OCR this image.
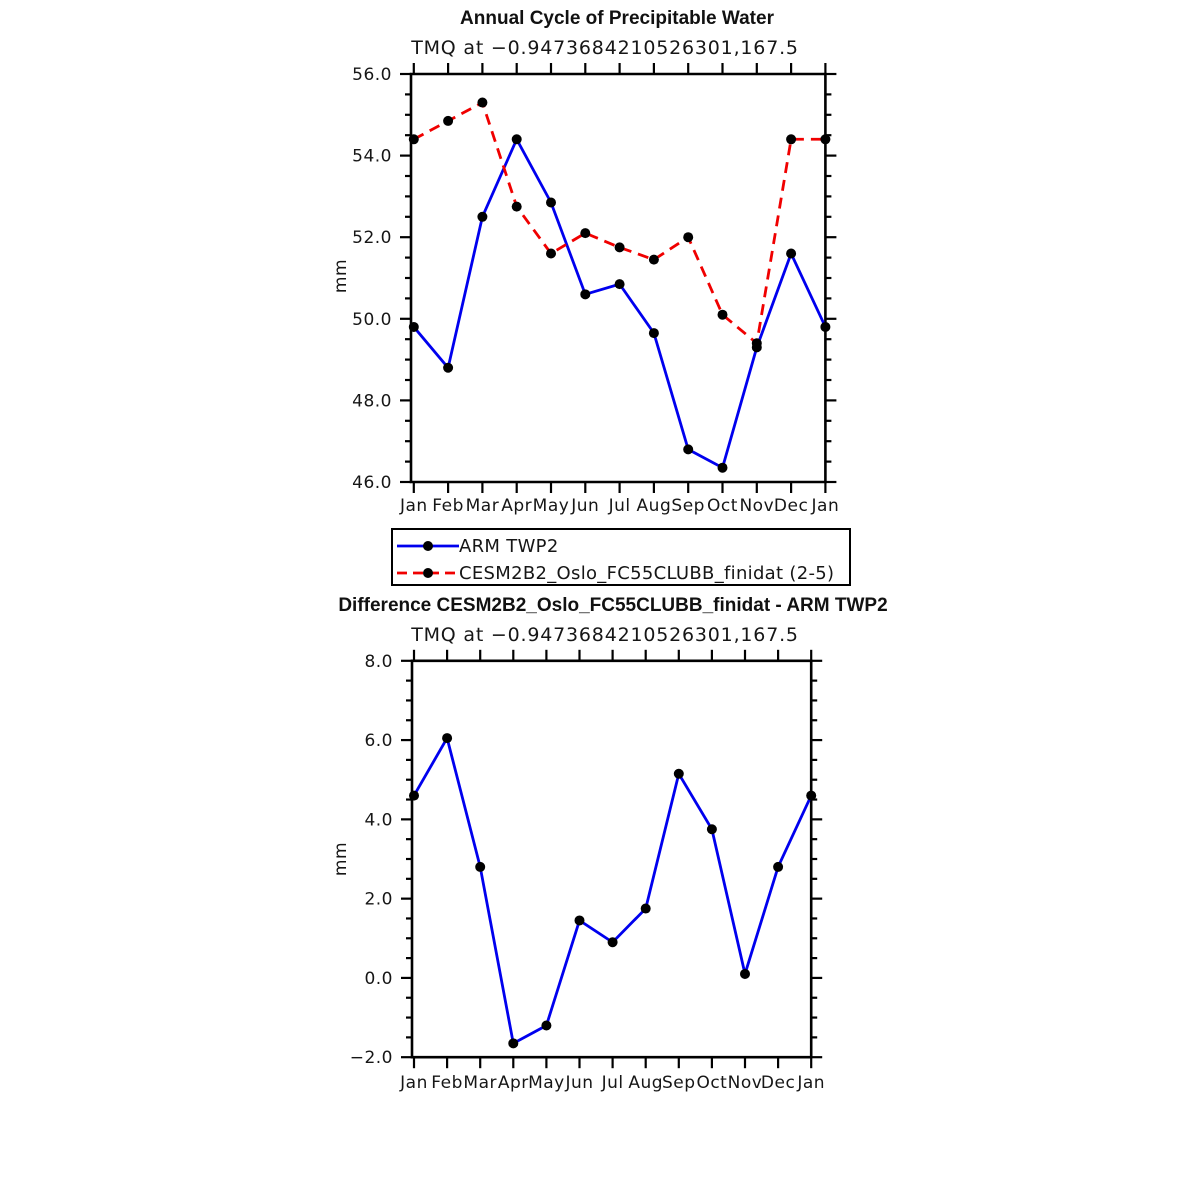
Annual Cycle of Precipitable Water
TMQ at −0.9473684210526301,167.5
mm
Difference CESM2B2_Oslo_FC55CLUBB_finidat - ARM TWP2
TMQ at −0.9473684210526301,167.5
mm
Jan Feb Mar Apr May Jun Jul Aug Sep Oct Nov Dec Jan
46.0
48.0
50.0
52.0
54.0
56.0
Jan Feb Mar Apr May Jun Jul Aug
Sep Oct Nov
Dec Jan
−2.0
0.0
2.0
4.0
6.0
8.0
ARM TWP2
CESM2B2_Oslo_FC55CLUBB_finidat (2-5)
